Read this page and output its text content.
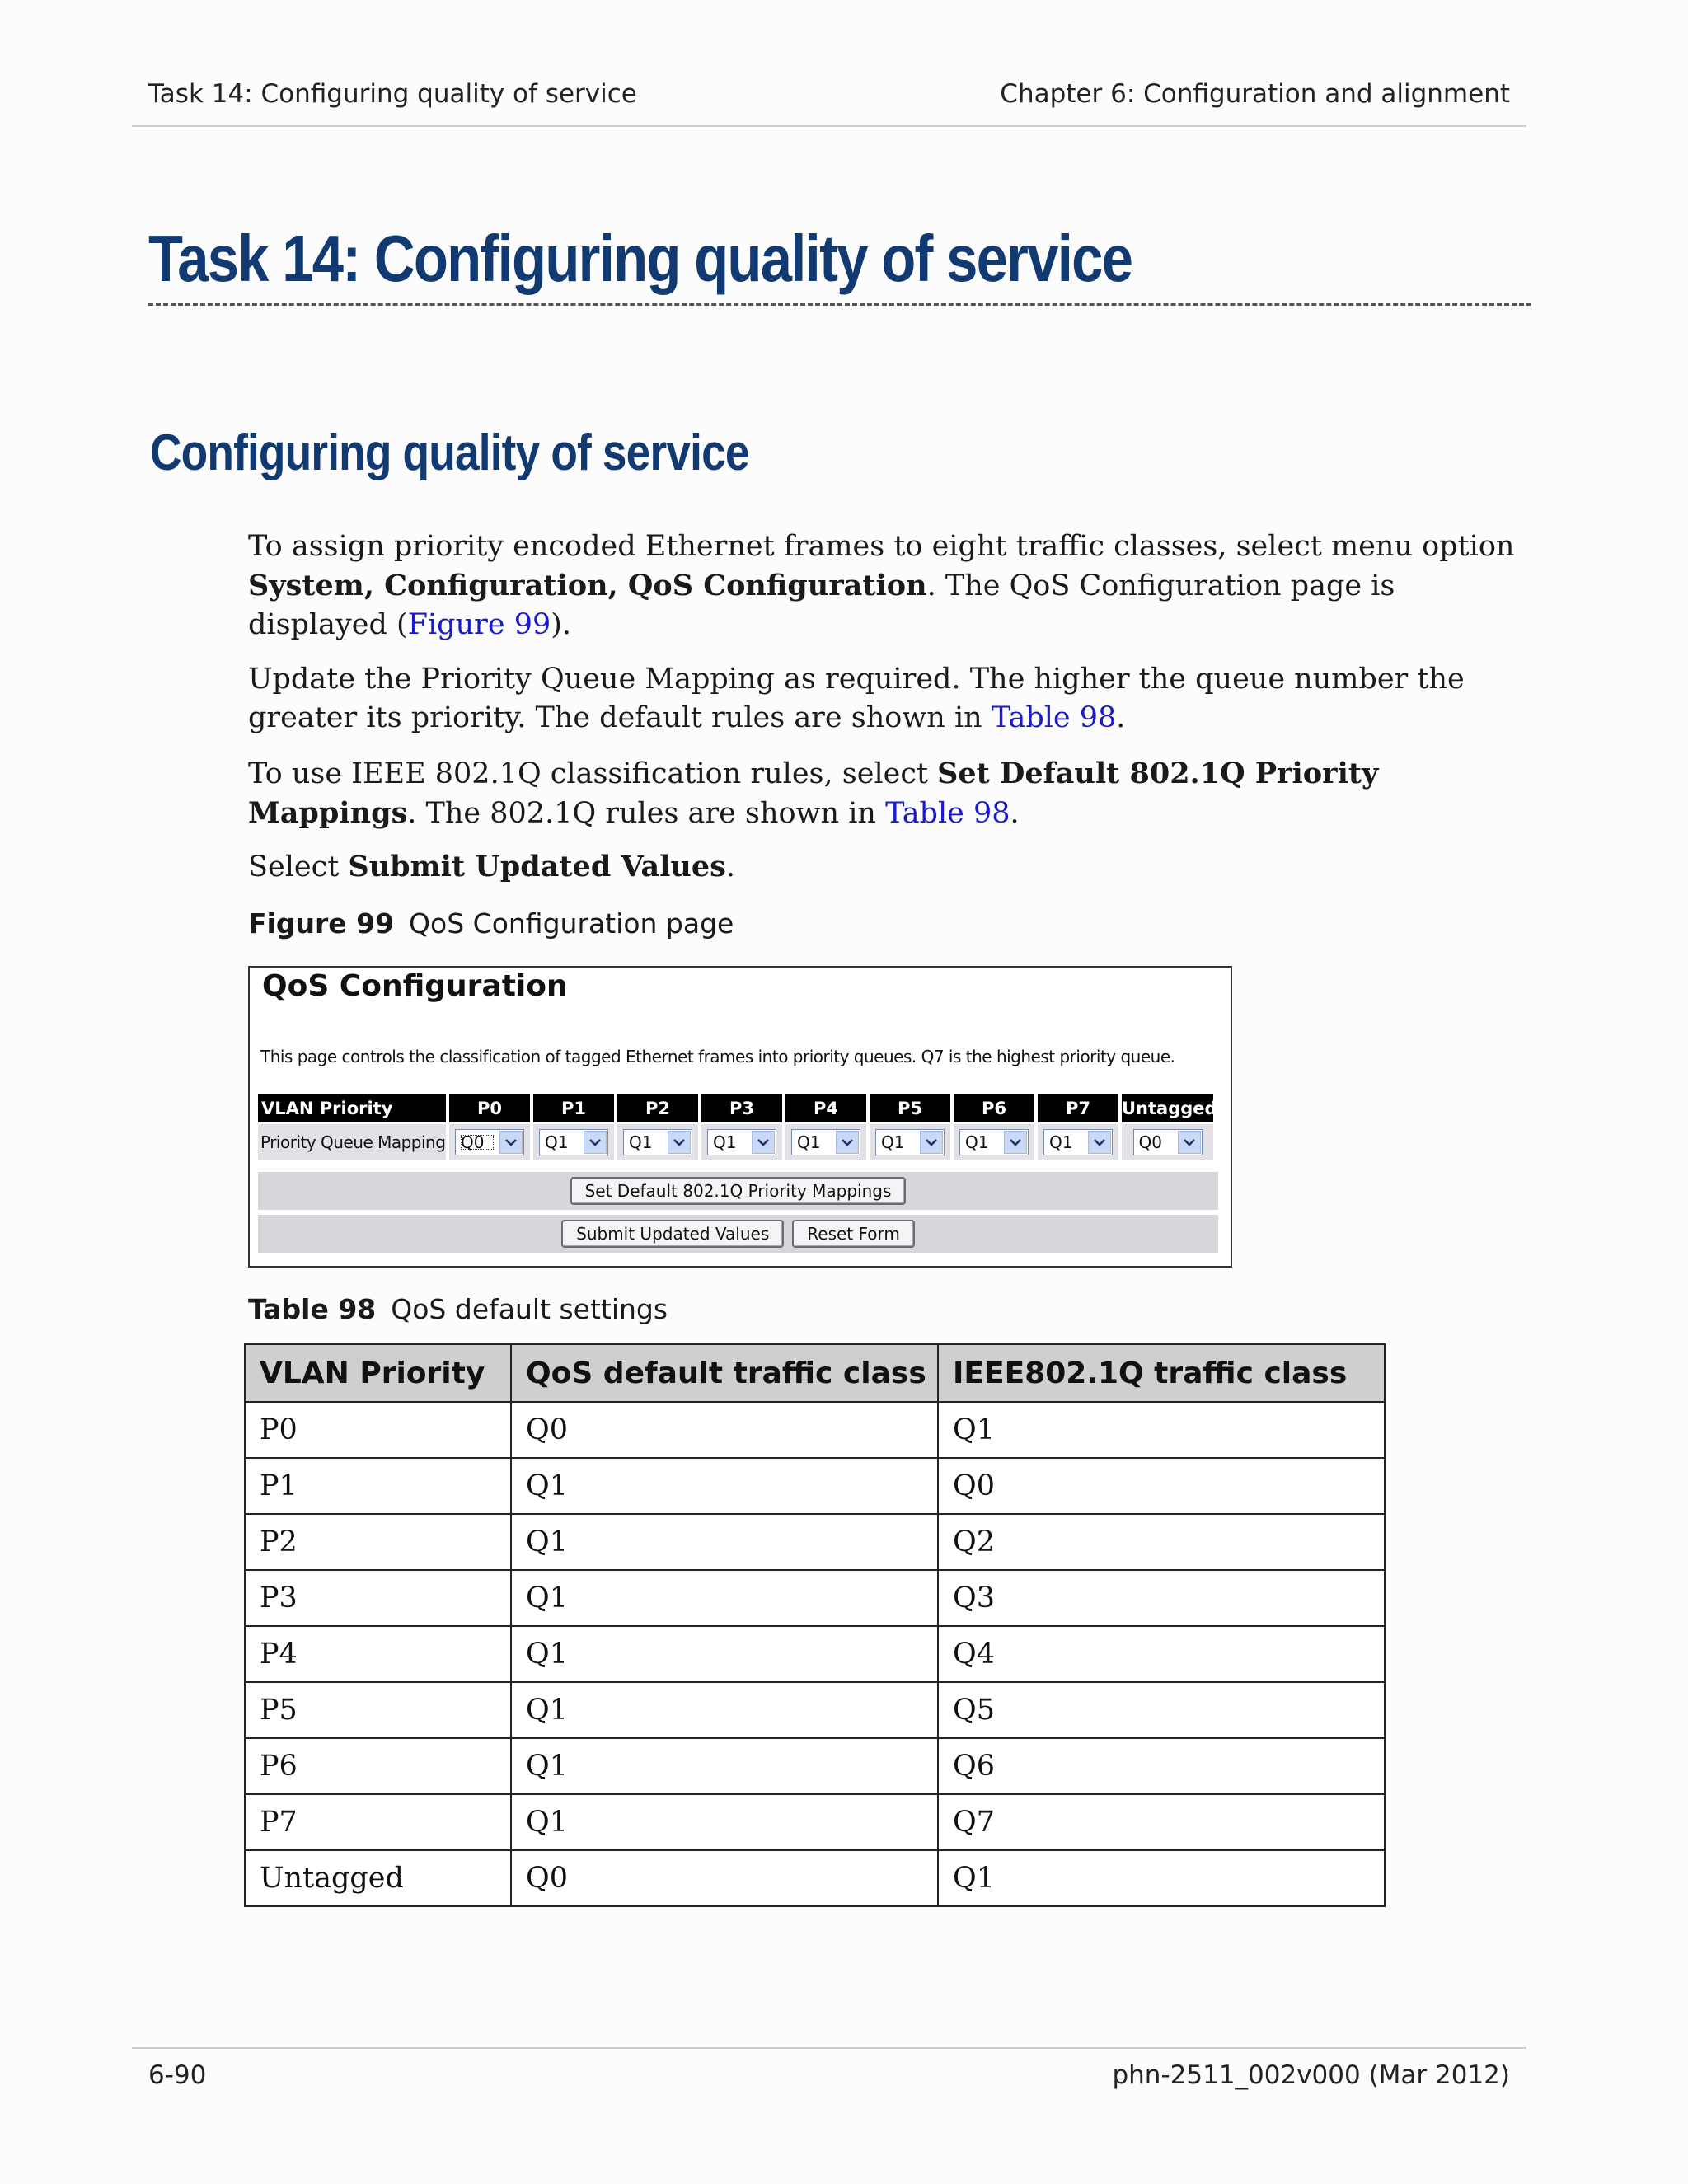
Task 14: Configuring quality of service	Chapter 6: Configuration and alignment
Task 14: Configuring quality of service
Configuring quality of service
To assign priority encoded Ethernet frames to eight traffic classes, select menu option System, Configuration, QoS Configuration. The QoS Configuration page is displayed (Figure 99).
Update the Priority Queue Mapping as required. The higher the queue number the greater its priority. The default rules are shown in Table 98.
To use IEEE 802.1Q classification rules, select Set Default 802.1Q Priority Mappings. The 802.1Q rules are shown in Table 98.
Select Submit Updated Values.
Figure 99 QoS Configuration page
QoS Configuration
This page controls the classification of tagged Ethernet frames into priority queues. Q7 is the highest priority queue.
VLAN Priority	P0	P1	P2	P3	P4	P5	P6	P7	Untagged
Priority Queue Mapping Q0	Q1	Q1	Q1	Q1	Q1	Q1	Q1	Q0
Set Default 802.1Q Priority Mappings
Submit Updated Values	Reset Form
Table 98 QoS default settings
VLAN Priority	QoS default traffic class	IEEE802.1Q traffic class
P0	Q0	Q1
P1	Q1	Q0
P2	Q1	Q2
P3	Q1	Q3
P4	Q1	Q4
P5	Q1	Q5
P6	Q1	Q6
P7	Q1	Q7
Untagged	Q0	Q1
6-90	phn-2511_002v000 (Mar 2012)
